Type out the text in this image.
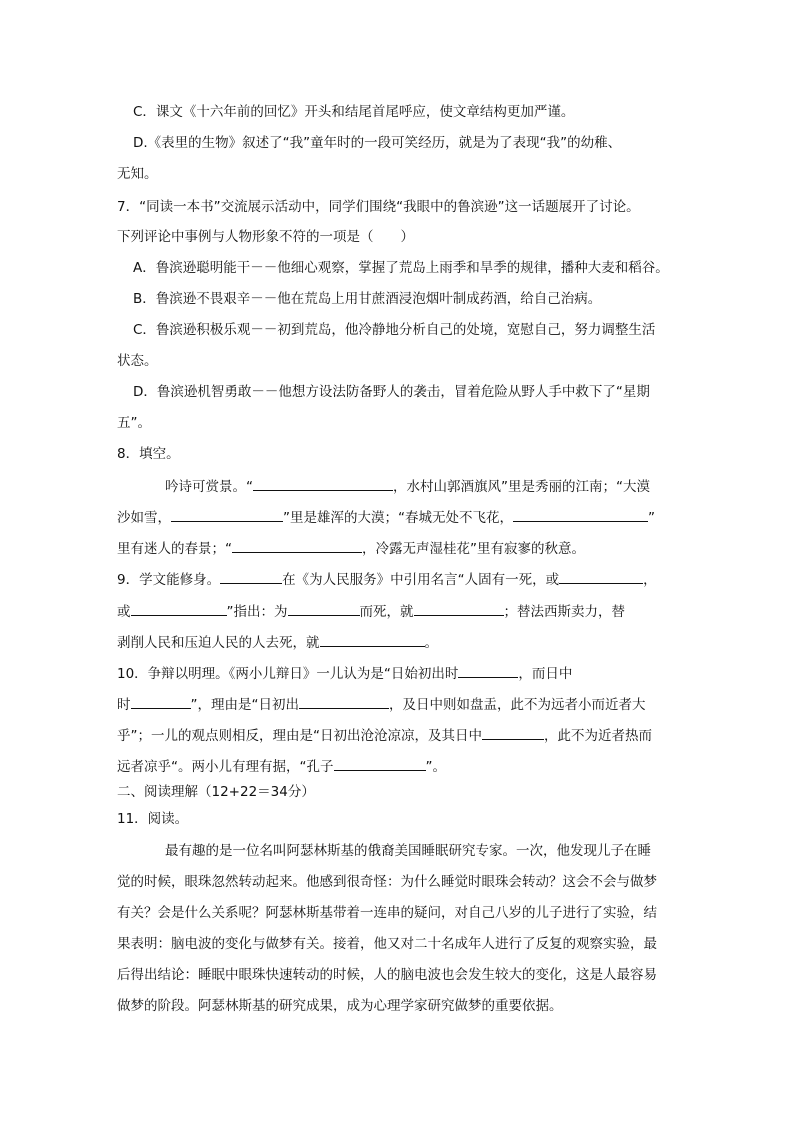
C．课文《十六年前的回忆》开头和结尾首尾呼应，使文章结构更加严谨。
D.《表里的生物》叙述了“我”童年时的一段可笑经历，就是为了表现“我”的幼稚、
无知。
7．“同读一本书”交流展示活动中，同学们围绕“我眼中的鲁滨逊”这一话题展开了讨论。
下列评论中事例与人物形象不符的一项是（　　）
A．鲁滨逊聪明能干－－他细心观察，掌握了荒岛上雨季和旱季的规律，播种大麦和稻谷。
B．鲁滨逊不畏艰辛－－他在荒岛上用甘蔗酒浸泡烟叶制成药酒，给自己治病。
C．鲁滨逊积极乐观－－初到荒岛，他冷静地分析自己的处境，宽慰自己，努力调整生活
状态。
D．鲁滨逊机智勇敢－－他想方设法防备野人的袭击，冒着危险从野人手中救下了“星期
五”。
8．填空。
吟诗可赏景。“	，水村山郭酒旗风”里是秀丽的江南；“大漠
沙如雪，	”里是雄浑的大漠；“春城无处不飞花，	”
里有迷人的春景；“	，冷露无声湿桂花”里有寂寥的秋意。
9．学文能修身。	在《为人民服务》中引用名言“人固有一死，或	，
或	”指出：为	而死，就	；替法西斯卖力，替
剥削人民和压迫人民的人去死，就	。
10．争辩以明理。《两小儿辩日》一儿认为是“日始初出时	，而日中
时	”，理由是“日初出	，及日中则如盘盂，此不为远者小而近者大
乎”；一儿的观点则相反，理由是“日初出沧沧凉凉，及其日中	，此不为近者热而
远者凉乎“。两小儿有理有据，“孔子	”。
二、阅读理解（12+22＝34分）
11．阅读。
最有趣的是一位名叫阿瑟林斯基的俄裔美国睡眠研究专家。一次，他发现儿子在睡
觉的时候，眼珠忽然转动起来。他感到很奇怪：为什么睡觉时眼珠会转动？这会不会与做梦
有关？会是什么关系呢？阿瑟林斯基带着一连串的疑问，对自己八岁的儿子进行了实验，结
果表明：脑电波的变化与做梦有关。接着，他又对二十名成年人进行了反复的观察实验，最
后得出结论：睡眠中眼珠快速转动的时候，人的脑电波也会发生较大的变化，这是人最容易
做梦的阶段。阿瑟林斯基的研究成果，成为心理学家研究做梦的重要依据。
